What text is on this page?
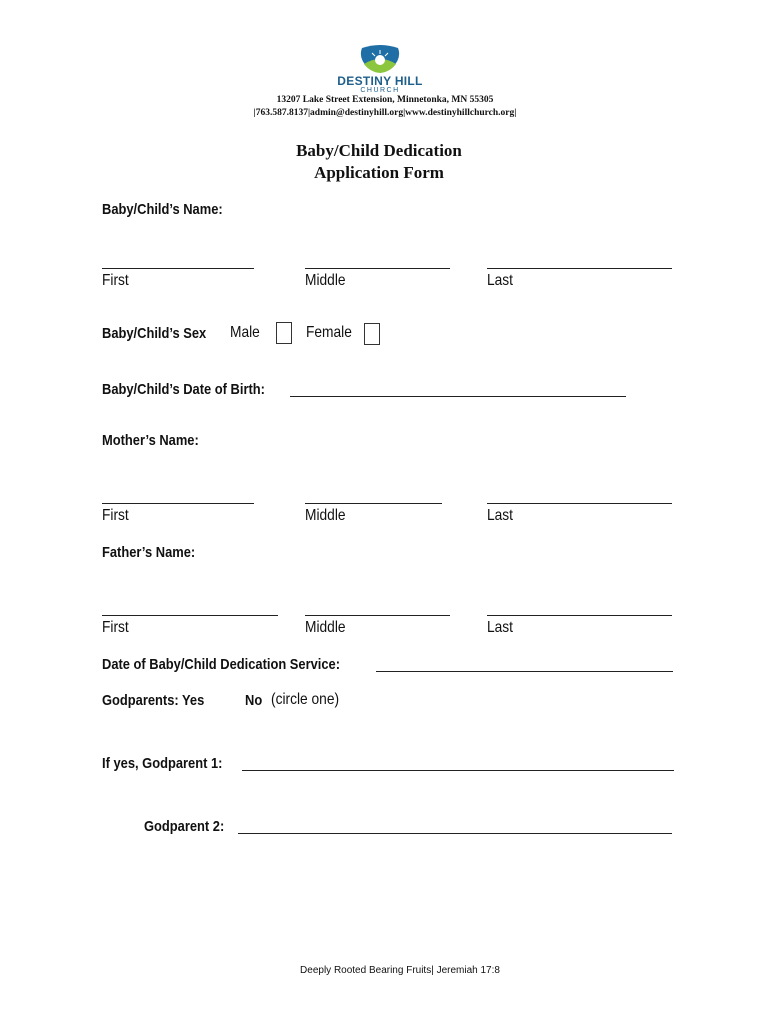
DESTINY HILL
CHURCH
13207 Lake Street Extension, Minnetonka, MN 55305
|763.587.8137|admin@destinyhill.org|www.destinyhillchurch.org|
Baby/Child Dedication
Application Form
Baby/Child’s Name:
First	Middle	Last
Baby/Child’s Sex Male	Female
Baby/Child’s Date of Birth:
Mother’s Name:
First	Middle	Last
Father’s Name:
First	Middle	Last
Date of Baby/Child Dedication Service:
Godparents: Yes	No (circle one)
If yes, Godparent 1:
Godparent 2:
Deeply Rooted Bearing Fruits| Jeremiah 17:8
